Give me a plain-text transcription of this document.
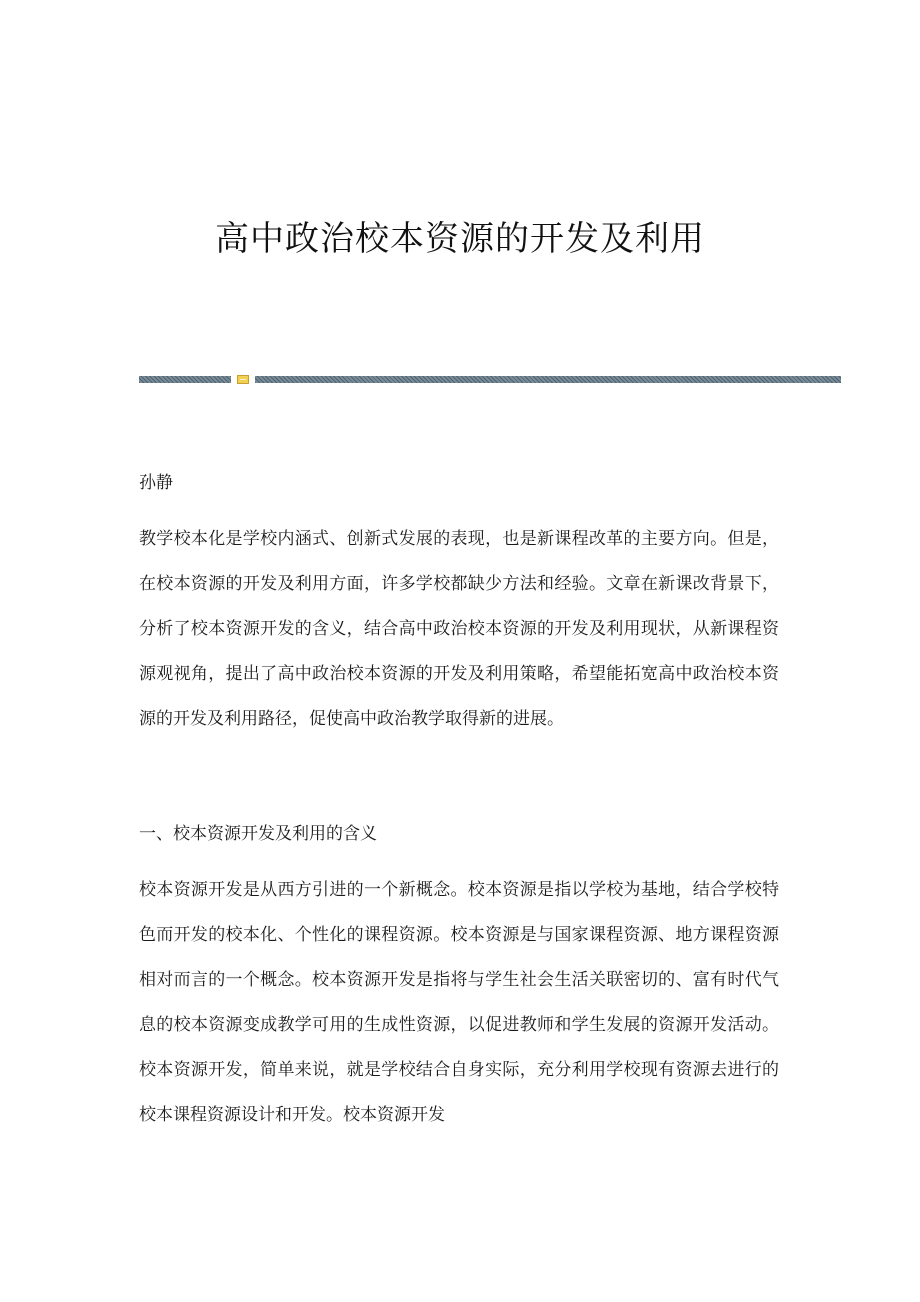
高中政治校本资源的开发及利用
孙静

教学校本化是学校内涵式、创新式发展的表现，也是新课程改革的主要方向。但是，在校本资源的开发及利用方面，许多学校都缺少方法和经验。文章在新课改背景下，分析了校本资源开发的含义，结合高中政治校本资源的开发及利用现状，从新课程资源观视角，提出了高中政治校本资源的开发及利用策略，希望能拓宽高中政治校本资源的开发及利用路径，促使高中政治教学取得新的进展。

一、校本资源开发及利用的含义

校本资源开发是从西方引进的一个新概念。校本资源是指以学校为基地，结合学校特色而开发的校本化、个性化的课程资源。校本资源是与国家课程资源、地方课程资源相对而言的一个概念。校本资源开发是指将与学生社会生活关联密切的、富有时代气息的校本资源变成教学可用的生成性资源，以促进教师和学生发展的资源开发活动。校本资源开发，简单来说，就是学校结合自身实际，充分利用学校现有资源去进行的校本课程资源设计和开发。校本资源开发
